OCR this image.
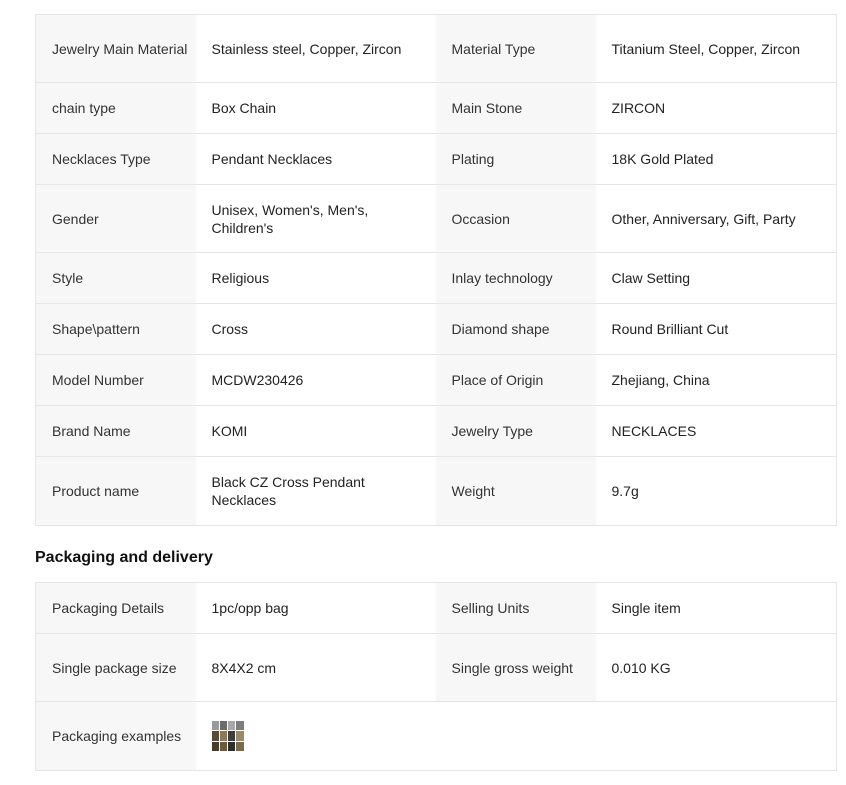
Jewelry Main Material	Stainless steel, Copper, Zircon	Material Type	Titanium Steel, Copper, Zircon
chain type	Box Chain	Main Stone	ZIRCON
Necklaces Type	Pendant Necklaces	Plating	18K Gold Plated
Gender	Unisex, Women's, Men's, Children's	Occasion	Other, Anniversary, Gift, Party
Style	Religious	Inlay technology	Claw Setting
Shape\pattern	Cross	Diamond shape	Round Brilliant Cut
Model Number	MCDW230426	Place of Origin	Zhejiang, China
Brand Name	KOMI	Jewelry Type	NECKLACES
Product name	Black CZ Cross Pendant Necklaces	Weight	9.7g
Packaging and delivery
Packaging Details	1pc/opp bag	Selling Units	Single item
Single package size	8X4X2 cm	Single gross weight	0.010 KG
Packaging examples			
